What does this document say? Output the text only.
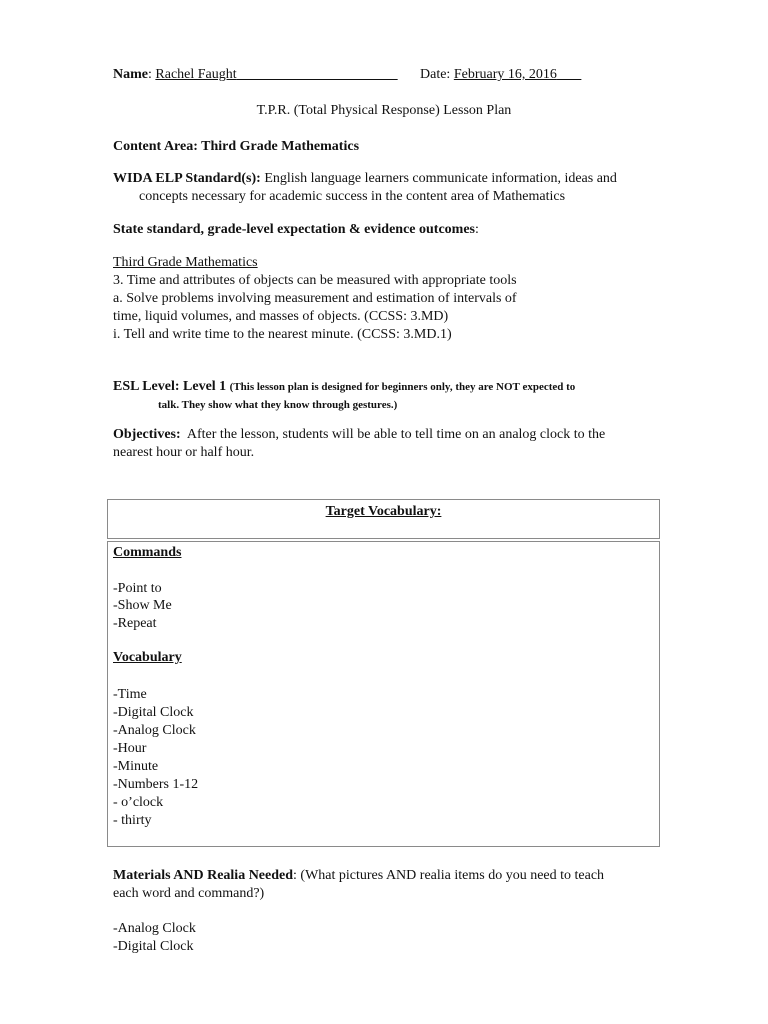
Name: Rachel Faught	Date: February 16, 2016
T.P.R. (Total Physical Response) Lesson Plan
Content Area: Third Grade Mathematics
WIDA ELP Standard(s): English language learners communicate information, ideas and
concepts necessary for academic success in the content area of Mathematics
State standard, grade-level expectation & evidence outcomes:
Third Grade Mathematics
3. Time and attributes of objects can be measured with appropriate tools
a. Solve problems involving measurement and estimation of intervals of
time, liquid volumes, and masses of objects. (CCSS: 3.MD)
i. Tell and write time to the nearest minute. (CCSS: 3.MD.1)
ESL Level: Level 1 (This lesson plan is designed for beginners only, they are NOT expected to
talk. They show what they know through gestures.)
Objectives: After the lesson, students will be able to tell time on an analog clock to the
nearest hour or half hour.
Target Vocabulary:
Commands
-Point to
-Show Me
-Repeat
Vocabulary
-Time
-Digital Clock
-Analog Clock
-Hour
-Minute
-Numbers 1-12
- o’clock
- thirty
Materials AND Realia Needed: (What pictures AND realia items do you need to teach
each word and command?)
-Analog Clock
-Digital Clock
